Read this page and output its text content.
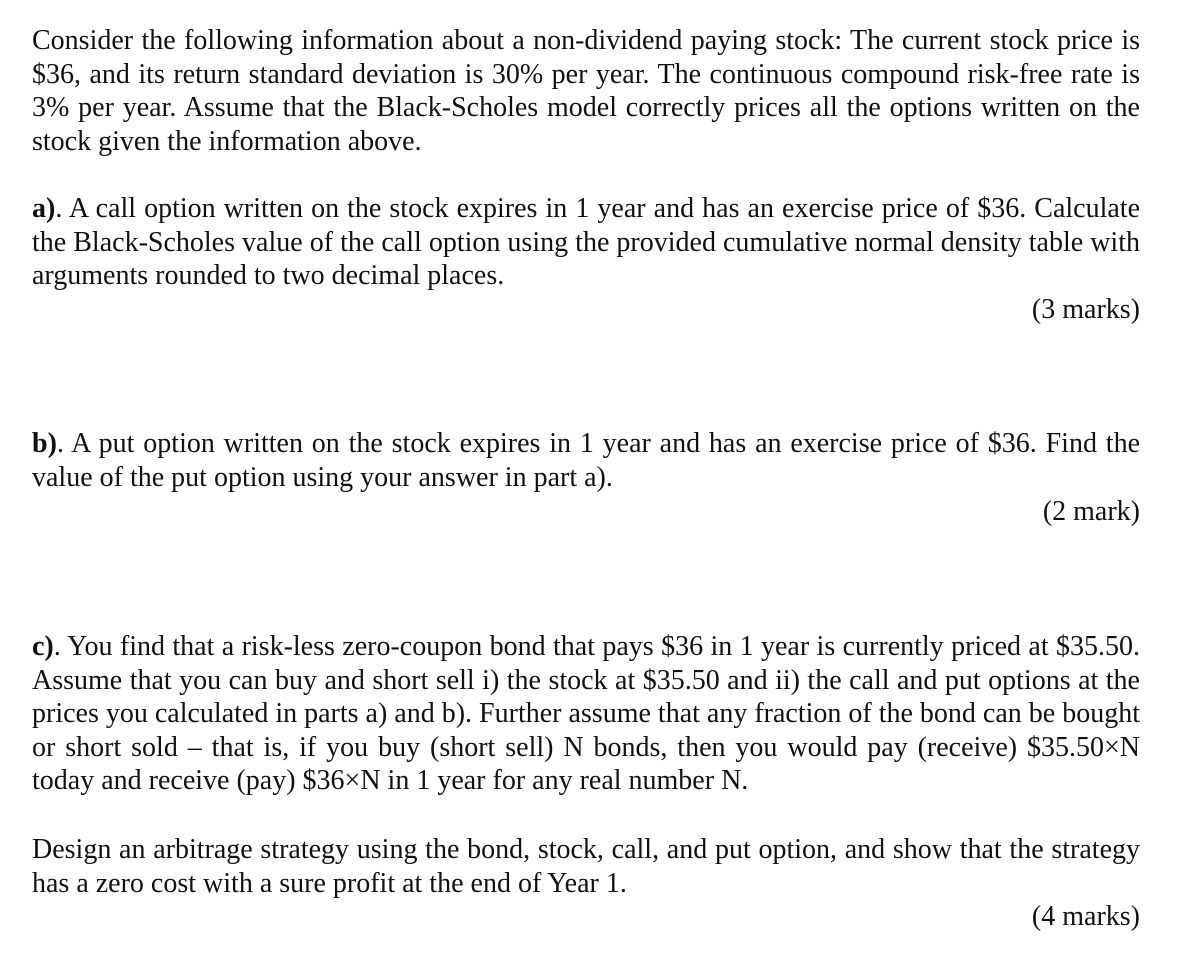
Consider the following information about a non-dividend paying stock: The current stock price is $36, and its return standard deviation is 30% per year. The continuous compound risk-free rate is 3% per year. Assume that the Black-Scholes model correctly prices all the options written on the stock given the information above.

a). A call option written on the stock expires in 1 year and has an exercise price of $36. Calculate the Black-Scholes value of the call option using the provided cumulative normal density table with arguments rounded to two decimal places.

(3 marks)

b). A put option written on the stock expires in 1 year and has an exercise price of $36. Find the value of the put option using your answer in part a).

(2 mark)

c). You find that a risk-less zero-coupon bond that pays $36 in 1 year is currently priced at $35.50. Assume that you can buy and short sell i) the stock at $35.50 and ii) the call and put options at the prices you calculated in parts a) and b). Further assume that any fraction of the bond can be bought or short sold – that is, if you buy (short sell) N bonds, then you would pay (receive) $35.50×N today and receive (pay) $36×N in 1 year for any real number N.

Design an arbitrage strategy using the bond, stock, call, and put option, and show that the strategy has a zero cost with a sure profit at the end of Year 1.

(4 marks)
